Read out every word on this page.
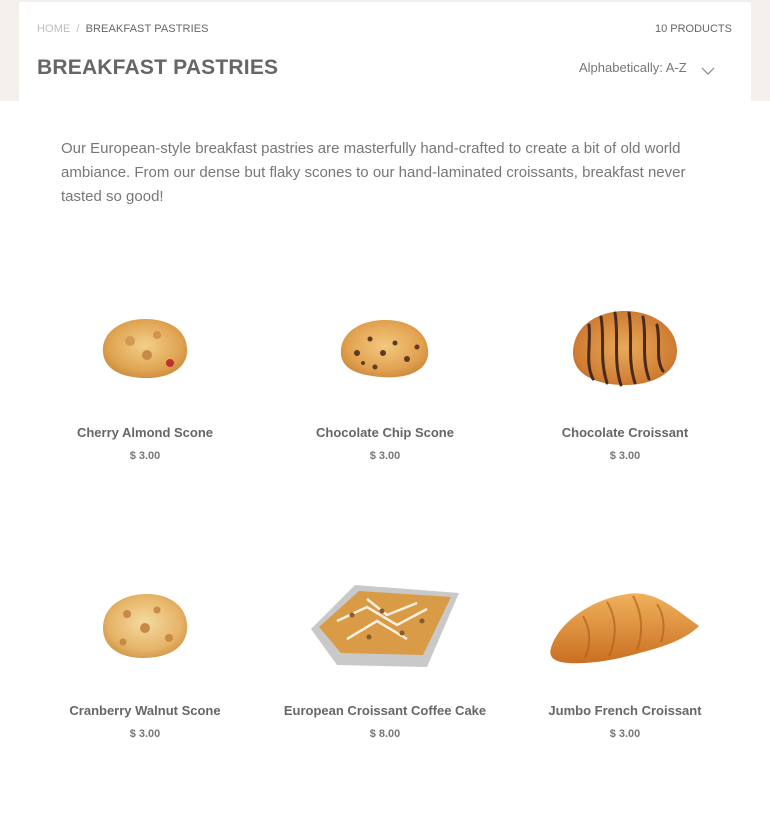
HOME / BREAKFAST PASTRIES	10 PRODUCTS
BREAKFAST PASTRIES	Alphabetically: A-Z

Our European-style breakfast pastries are masterfully hand-crafted to create a bit of old world ambiance. From our dense but flaky scones to our hand-laminated croissants, breakfast never tasted so good!

Cherry Almond Scone
$ 3.00
Chocolate Chip Scone
$ 3.00
Chocolate Croissant
$ 3.00
Cranberry Walnut Scone
$ 3.00
European Croissant Coffee Cake
$ 8.00
Jumbo French Croissant
$ 3.00
